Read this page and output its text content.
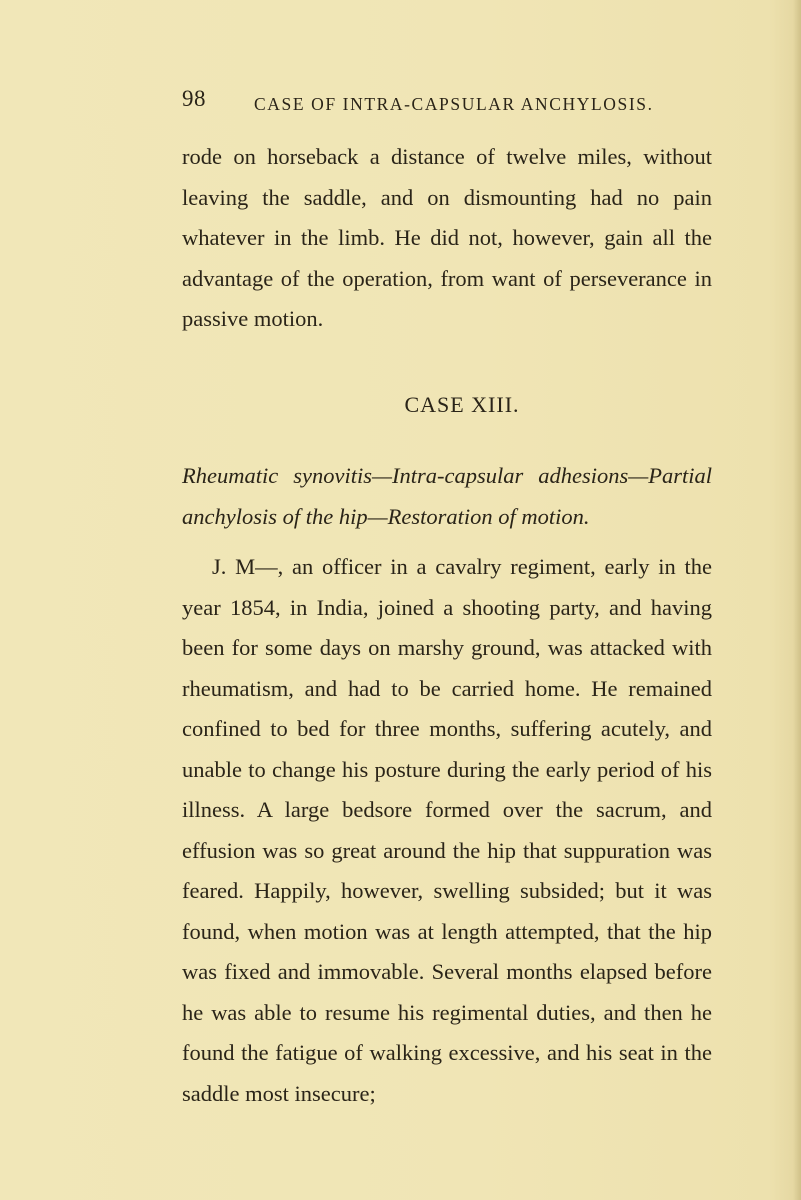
98	CASE OF INTRA-CAPSULAR ANCHYLOSIS.

rode on horseback a distance of twelve miles, without leaving the saddle, and on dismounting had no pain whatever in the limb. He did not, however, gain all the advantage of the operation, from want of perseverance in passive motion.

CASE XIII.

Rheumatic synovitis—Intra-capsular adhesions—Partial anchylosis of the hip—Restoration of motion.

J. M—, an officer in a cavalry regiment, early in the year 1854, in India, joined a shooting party, and having been for some days on marshy ground, was attacked with rheumatism, and had to be carried home. He remained confined to bed for three months, suffering acutely, and unable to change his posture during the early period of his illness. A large bedsore formed over the sacrum, and effusion was so great around the hip that suppuration was feared. Happily, however, swelling subsided; but it was found, when motion was at length attempted, that the hip was fixed and immovable. Several months elapsed before he was able to resume his regimental duties, and then he found the fatigue of walking excessive, and his seat in the saddle most insecure;
